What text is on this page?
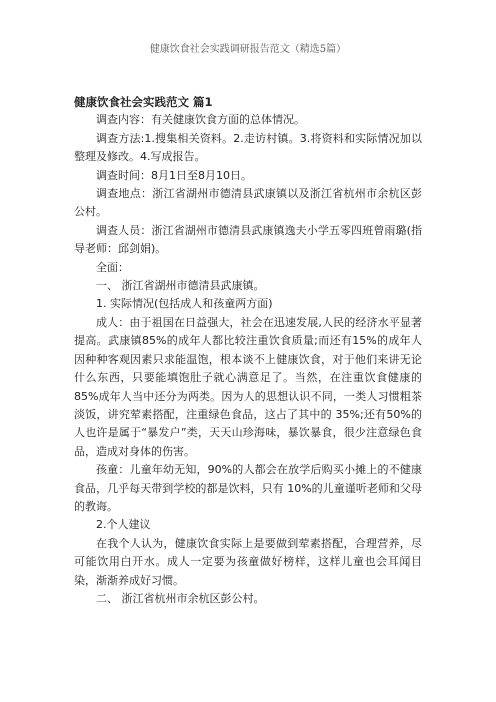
健康饮食社会实践调研报告范文（精选5篇）
健康饮食社会实践范文 篇1

调查内容：有关健康饮食方面的总体情况。

调查方法:1.搜集相关资料。2.走访村镇。3.将资料和实际情况加以整理及修改。4.写成报告。

调查时间：8月1日至8月10日。

调查地点：浙江省湖州市德清县武康镇以及浙江省杭州市余杭区彭公村。

调查人员：浙江省湖州市德清县武康镇逸夫小学五零四班曾雨璐(指导老师：邱剑娟)。

全面：

一、 浙江省湖州市德清县武康镇。

1. 实际情况(包括成人和孩童两方面)

成人：由于祖国在日益强大，社会在迅速发展,人民的经济水平显著提高。武康镇85%的成年人都比较注重饮食质量;而还有15%的成年人因种种客观因素只求能温饱，根本谈不上健康饮食，对于他们来讲无论什么东西，只要能填饱肚子就心满意足了。当然，在注重饮食健康的 85%成年人当中还分为两类。因为人的思想认识不同，一类人习惯粗茶淡饭，讲究荤素搭配，注重绿色食品，这占了其中的 35%;还有50%的人也许是属于“暴发户”类，天天山珍海味，暴饮暴食，很少注意绿色食品，造成对身体的伤害。

孩童：儿童年幼无知，90%的人都会在放学后购买小摊上的不健康食品，几乎每天带到学校的都是饮料，只有 10%的儿童谨听老师和父母的教诲。

2.个人建议

在我个人认为，健康饮食实际上是要做到荤素搭配，合理营养，尽可能饮用白开水。成人一定要为孩童做好榜样，这样儿童也会耳闻目染，渐渐养成好习惯。

二、 浙江省杭州市余杭区彭公村。
